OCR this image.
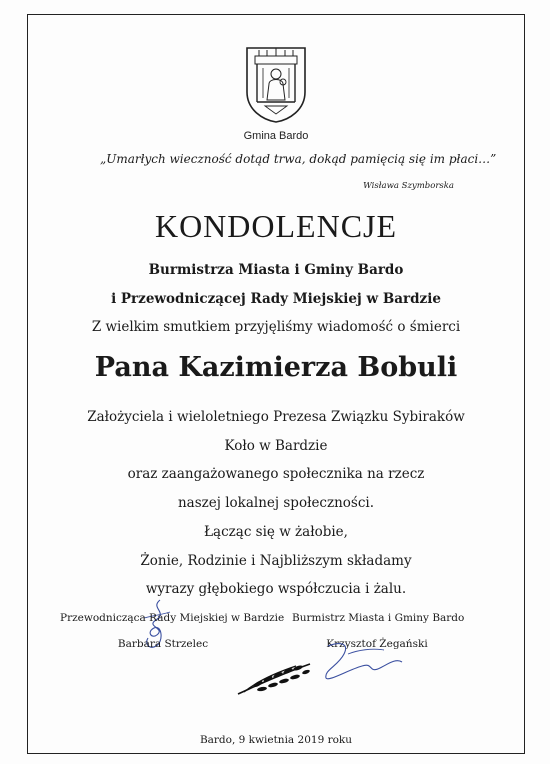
Gmina Bardo
„Umarłych wieczność dotąd trwa, dokąd pamięcią się im płaci…”
Wisława Szymborska
KONDOLENCJE
Burmistrza Miasta i Gminy Bardo
i Przewodniczącej Rady Miejskiej w Bardzie
Z wielkim smutkiem przyjęliśmy wiadomość o śmierci
Pana Kazimierza Bobuli
Założyciela i wieloletniego Prezesa Związku Sybiraków
Koło w Bardzie
oraz zaangażowanego społecznika na rzecz
naszej lokalnej społeczności.
Łącząc się w żałobie,
Żonie, Rodzinie i Najbliższym składamy
wyrazy głębokiego współczucia i żalu.
Przewodnicząca Rady Miejskiej w Bardzie
Barbara Strzelec
Burmistrz Miasta i Gminy Bardo
Krzysztof Żegański
Bardo, 9 kwietnia 2019 roku
